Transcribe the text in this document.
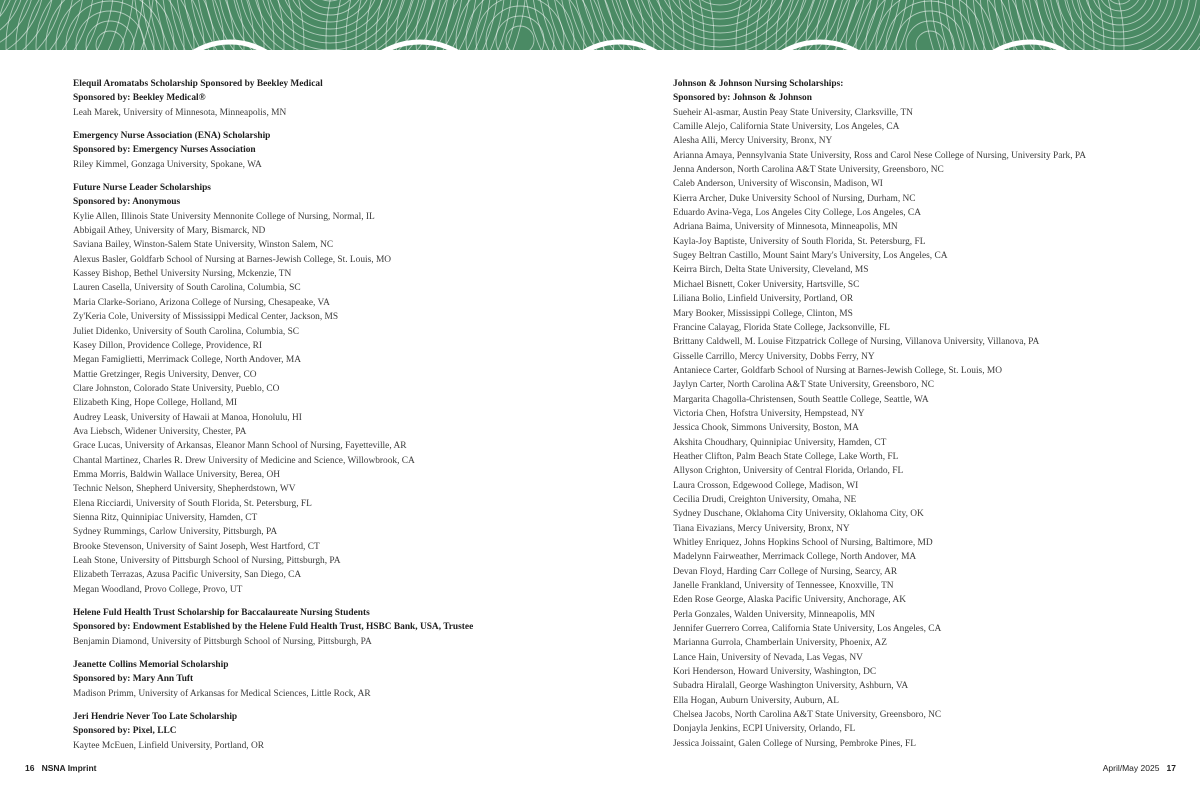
Elequil Aromatabs Scholarship Sponsored by Beekley Medical
Sponsored by: Beekley Medical®
Leah Marek, University of Minnesota, Minneapolis, MN
Emergency Nurse Association (ENA) Scholarship
Sponsored by: Emergency Nurses Association
Riley Kimmel, Gonzaga University, Spokane, WA
Future Nurse Leader Scholarships
Sponsored by: Anonymous
Kylie Allen, Illinois State University Mennonite College of Nursing, Normal, IL
Abbigail Athey, University of Mary, Bismarck, ND
Saviana Bailey, Winston-Salem State University, Winston Salem, NC
Alexus Basler, Goldfarb School of Nursing at Barnes-Jewish College, St. Louis, MO
Kassey Bishop, Bethel University Nursing, Mckenzie, TN
Lauren Casella, University of South Carolina, Columbia, SC
Maria Clarke-Soriano, Arizona College of Nursing, Chesapeake, VA
Zy'Keria Cole, University of Mississippi Medical Center, Jackson, MS
Juliet Didenko, University of South Carolina, Columbia, SC
Kasey Dillon, Providence College, Providence, RI
Megan Famiglietti, Merrimack College, North Andover, MA
Mattie Gretzinger, Regis University, Denver, CO
Clare Johnston, Colorado State University, Pueblo, CO
Elizabeth King, Hope College, Holland, MI
Audrey Leask, University of Hawaii at Manoa, Honolulu, HI
Ava Liebsch, Widener University, Chester, PA
Grace Lucas, University of Arkansas, Eleanor Mann School of Nursing, Fayetteville, AR
Chantal Martinez, Charles R. Drew University of Medicine and Science, Willowbrook, CA
Emma Morris, Baldwin Wallace University, Berea, OH
Technic Nelson, Shepherd University, Shepherdstown, WV
Elena Ricciardi, University of South Florida, St. Petersburg, FL
Sienna Ritz, Quinnipiac University, Hamden, CT
Sydney Rummings, Carlow University, Pittsburgh, PA
Brooke Stevenson, University of Saint Joseph, West Hartford, CT
Leah Stone, University of Pittsburgh School of Nursing, Pittsburgh, PA
Elizabeth Terrazas, Azusa Pacific University, San Diego, CA
Megan Woodland, Provo College, Provo, UT
Helene Fuld Health Trust Scholarship for Baccalaureate Nursing Students
Sponsored by: Endowment Established by the Helene Fuld Health Trust, HSBC Bank, USA, Trustee
Benjamin Diamond, University of Pittsburgh School of Nursing, Pittsburgh, PA
Jeanette Collins Memorial Scholarship
Sponsored by: Mary Ann Tuft
Madison Primm, University of Arkansas for Medical Sciences, Little Rock, AR
Jeri Hendrie Never Too Late Scholarship
Sponsored by: Pixel, LLC
Kaytee McEuen, Linfield University, Portland, OR
Johnson & Johnson Nursing Scholarships:
Sponsored by: Johnson & Johnson
Sueheir Al-asmar, Austin Peay State University, Clarksville, TN
Camille Alejo, California State University, Los Angeles, CA
Alesha Alli, Mercy University, Bronx, NY
Arianna Amaya, Pennsylvania State University, Ross and Carol Nese College of Nursing, University Park, PA
Jenna Anderson, North Carolina A&T State University, Greensboro, NC
Caleb Anderson, University of Wisconsin, Madison, WI
Kierra Archer, Duke University School of Nursing, Durham, NC
Eduardo Avina-Vega, Los Angeles City College, Los Angeles, CA
Adriana Baima, University of Minnesota, Minneapolis, MN
Kayla-Joy Baptiste, University of South Florida, St. Petersburg, FL
Sugey Beltran Castillo, Mount Saint Mary's University, Los Angeles, CA
Keirra Birch, Delta State University, Cleveland, MS
Michael Bisnett, Coker University, Hartsville, SC
Liliana Bolio, Linfield University, Portland, OR
Mary Booker, Mississippi College, Clinton, MS
Francine Calayag, Florida State College, Jacksonville, FL
Brittany Caldwell, M. Louise Fitzpatrick College of Nursing, Villanova University, Villanova, PA
Gisselle Carrillo, Mercy University, Dobbs Ferry, NY
Antaniece Carter, Goldfarb School of Nursing at Barnes-Jewish College, St. Louis, MO
Jaylyn Carter, North Carolina A&T State University, Greensboro, NC
Margarita Chagolla-Christensen, South Seattle College, Seattle, WA
Victoria Chen, Hofstra University, Hempstead, NY
Jessica Chook, Simmons University, Boston, MA
Akshita Choudhary, Quinnipiac University, Hamden, CT
Heather Clifton, Palm Beach State College, Lake Worth, FL
Allyson Crighton, University of Central Florida, Orlando, FL
Laura Crosson, Edgewood College, Madison, WI
Cecilia Drudi, Creighton University, Omaha, NE
Sydney Duschane, Oklahoma City University, Oklahoma City, OK
Tiana Eivazians, Mercy University, Bronx, NY
Whitley Enriquez, Johns Hopkins School of Nursing, Baltimore, MD
Madelynn Fairweather, Merrimack College, North Andover, MA
Devan Floyd, Harding Carr College of Nursing, Searcy, AR
Janelle Frankland, University of Tennessee, Knoxville, TN
Eden Rose George, Alaska Pacific University, Anchorage, AK
Perla Gonzales, Walden University, Minneapolis, MN
Jennifer Guerrero Correa, California State University, Los Angeles, CA
Marianna Gurrola, Chamberlain University, Phoenix, AZ
Lance Hain, University of Nevada, Las Vegas, NV
Kori Henderson, Howard University, Washington, DC
Subadra Hiralall, George Washington University, Ashburn, VA
Ella Hogan, Auburn University, Auburn, AL
Chelsea Jacobs, North Carolina A&T State University, Greensboro, NC
Donjayla Jenkins, ECPI University, Orlando, FL
Jessica Joissaint, Galen College of Nursing, Pembroke Pines, FL
16 NSNA Imprint	April/May 2025 17
